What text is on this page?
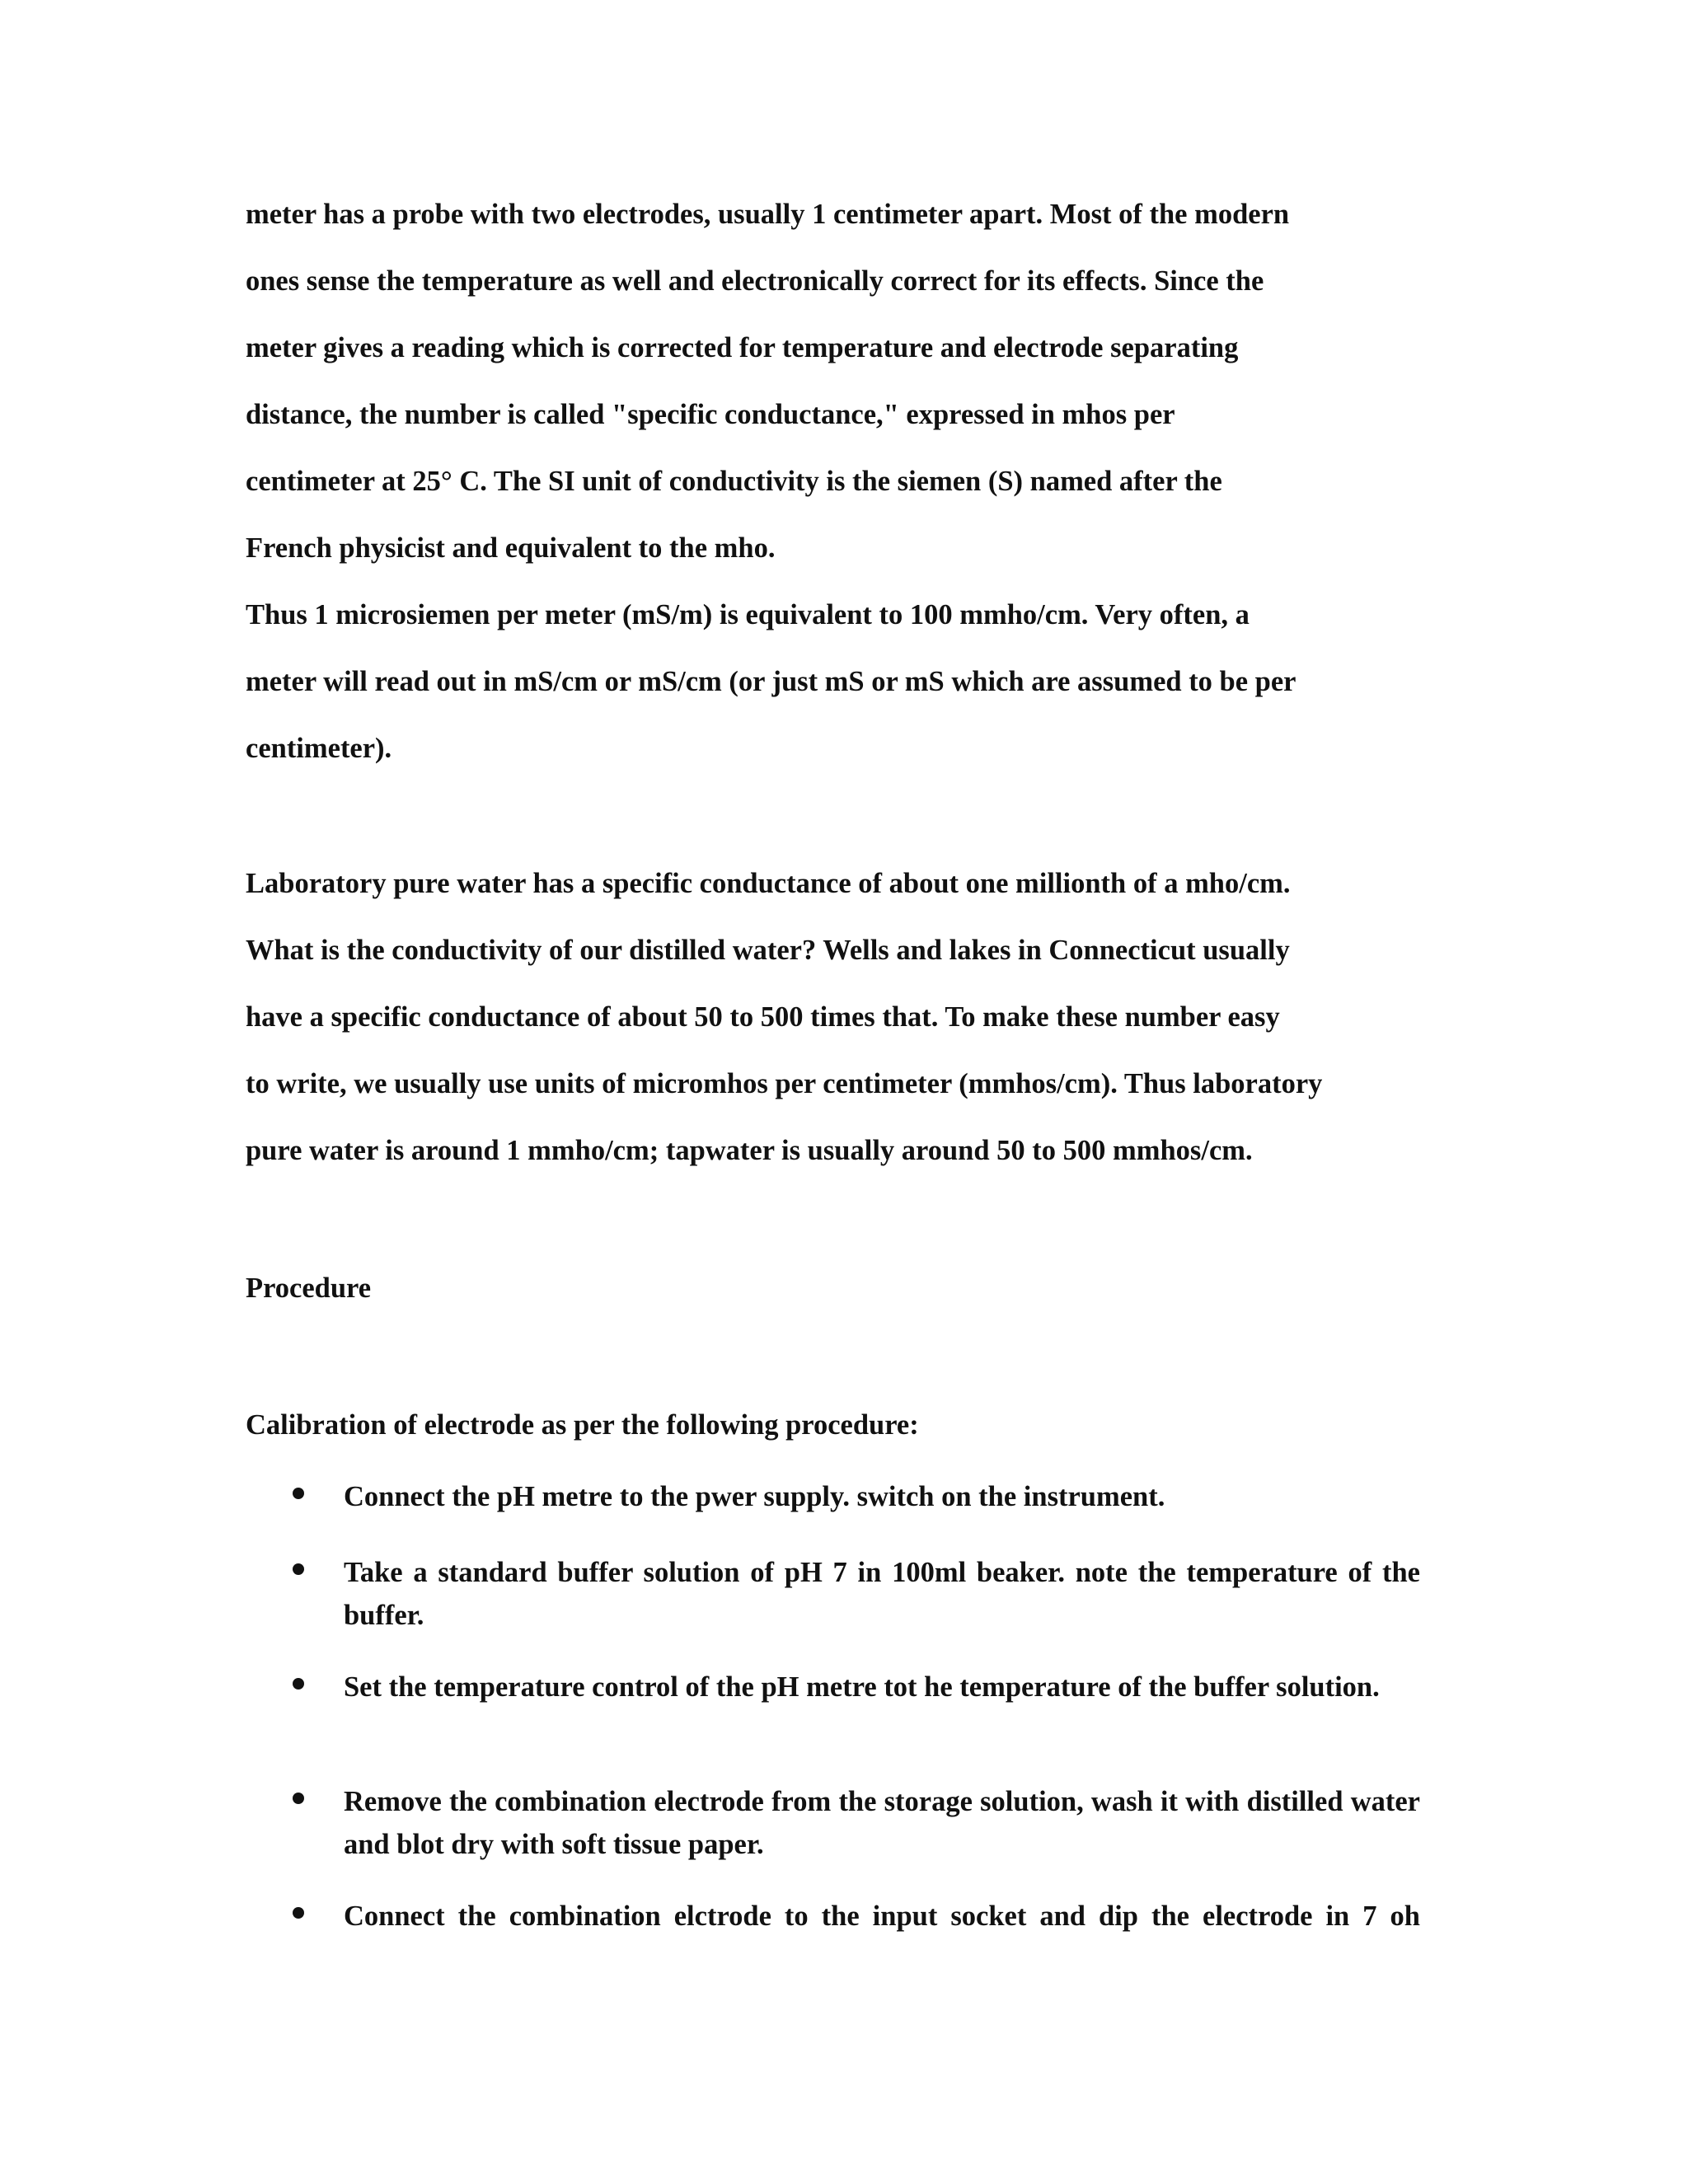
meter has a probe with two electrodes, usually 1 centimeter apart. Most of the modern
ones sense the temperature as well and electronically correct for its effects. Since the
meter gives a reading which is corrected for temperature and electrode separating
distance, the number is called "specific conductance," expressed in mhos per
centimeter at 25° C. The SI unit of conductivity is the siemen (S) named after the
French physicist and equivalent to the mho.
Thus 1 microsiemen per meter (mS/m) is equivalent to 100 mmho/cm. Very often, a
meter will read out in mS/cm or mS/cm (or just mS or mS which are assumed to be per
centimeter).
Laboratory pure water has a specific conductance of about one millionth of a mho/cm.
What is the conductivity of our distilled water? Wells and lakes in Connecticut usually
have a specific conductance of about 50 to 500 times that. To make these number easy
to write, we usually use units of micromhos per centimeter (mmhos/cm). Thus laboratory
pure water is around 1 mmho/cm; tapwater is usually around 50 to 500 mmhos/cm.
Procedure
Calibration of electrode as per the following procedure:
Connect the pH metre to the pwer supply. switch on the instrument.
Take a standard buffer solution of pH 7 in 100ml beaker. note the temperature of the buffer.
Set the temperature control of the pH metre tot he temperature of the buffer solution.
Remove the combination electrode from the storage solution, wash it with distilled water and blot dry with soft tissue paper.
Connect the combination elctrode to the input socket and dip the electrode in 7 oh
